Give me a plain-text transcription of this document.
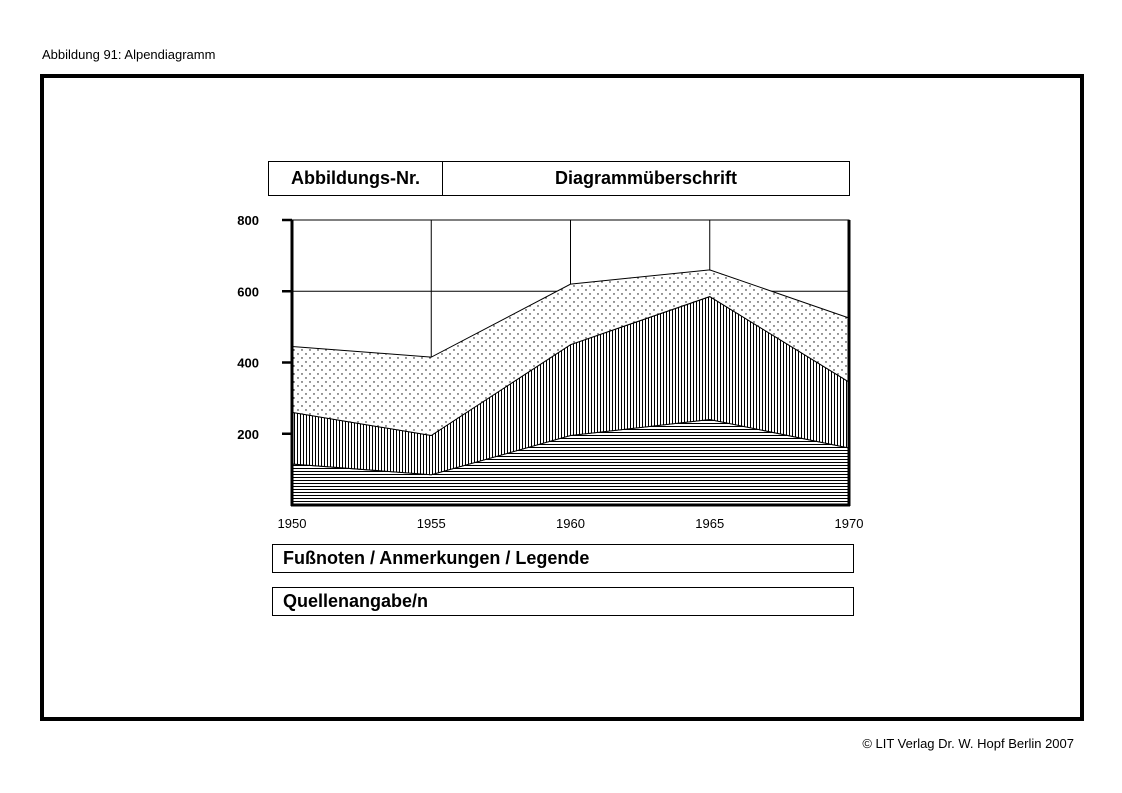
Abbildung 91: Alpendiagramm
Abbildungs-Nr.	Diagrammüberschrift
200
400
600
800
1950	1955	1960	1965	1970
Fußnoten / Anmerkungen / Legende
Quellenangabe/n
© LIT Verlag Dr. W. Hopf Berlin 2007
